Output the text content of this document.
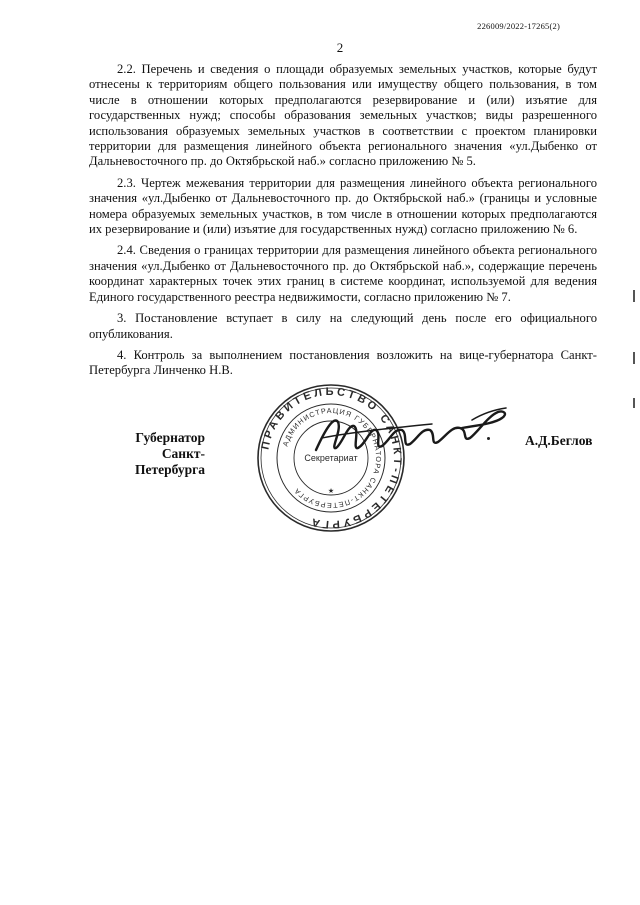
226009/2022-17265(2)
2

2.2. Перечень и сведения о площади образуемых земельных участков, которые будут отнесены к территориям общего пользования или имуществу общего пользования, в том числе в отношении которых предполагаются резервирование и (или) изъятие для государственных нужд; способы образования земельных участков; виды разрешенного использования образуемых земельных участков в соответствии с проектом планировки территории для размещения линейного объекта регионального значения «ул.Дыбенко от Дальневосточного пр. до Октябрьской наб.» согласно приложению № 5.

2.3. Чертеж межевания территории для размещения линейного объекта регионального значения «ул.Дыбенко от Дальневосточного пр. до Октябрьской наб.» (границы и условные номера образуемых земельных участков, в том числе в отношении которых предполагаются их резервирование и (или) изъятие для государственных нужд) согласно приложению № 6.

2.4. Сведения о границах территории для размещения линейного объекта регионального значения «ул.Дыбенко от Дальневосточного пр. до Октябрьской наб.», содержащие перечень координат характерных точек этих границ в системе координат, используемой для ведения Единого государственного реестра недвижимости, согласно приложению № 7.

3. Постановление вступает в силу на следующий день после его официального опубликования.

4. Контроль за выполнением постановления возложить на вице-губернатора Санкт-Петербурга Линченко Н.В.

Губернатор
Санкт-Петербурга
ПРАВИТЕЛЬСТВО САНКТ-ПЕТЕРБУРГА
АДМИНИСТРАЦИЯ ГУБЕРНАТОРА САНКТ-ПЕТЕРБУРГА
Секретариат
★
А.Д.Беглов
